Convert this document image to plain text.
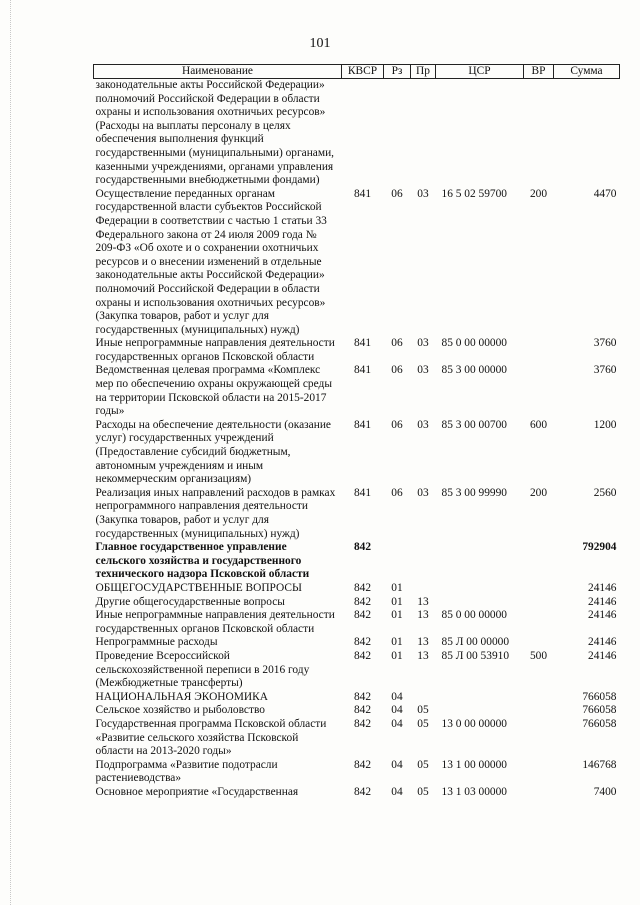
101
Наименование	КВСР	Рз	Пр	ЦСР	ВР	Сумма
законодательные акты Российской Федерации» полномочий Российской Федерации в области охраны и использования охотничьих ресурсов» (Расходы на выплаты персоналу в целях обеспечения выполнения функций государственными (муниципальными) органами, казенными учреждениями, органами управления государственными внебюджетными фондами)						
Осуществление переданных органам государственной власти субъектов Российской Федерации в соответствии с частью 1 статьи 33 Федерального закона от 24 июля 2009 года № 209-ФЗ «Об охоте и о сохранении охотничьих ресурсов и о внесении изменений в отдельные законодательные акты Российской Федерации» полномочий Российской Федерации в области охраны и использования охотничьих ресурсов» (Закупка товаров, работ и услуг для государственных (муниципальных) нужд)	841	06	03	16 5 02 59700	200	4470
Иные непрограммные направления деятельности государственных органов Псковской области	841	06	03	85 0 00 00000		3760
Ведомственная целевая программа «Комплекс мер по обеспечению охраны окружающей среды на территории Псковской области на 2015-2017 годы»	841	06	03	85 3 00 00000		3760
Расходы на обеспечение деятельности (оказание услуг) государственных учреждений (Предоставление субсидий бюджетным, автономным учреждениям и иным некоммерческим организациям)	841	06	03	85 3 00 00700	600	1200
Реализация иных направлений расходов в рамках непрограммного направления деятельности (Закупка товаров, работ и услуг для государственных (муниципальных) нужд)	841	06	03	85 3 00 99990	200	2560
Главное государственное управление сельского хозяйства и государственного технического надзора Псковской области	842					792904
ОБЩЕГОСУДАРСТВЕННЫЕ ВОПРОСЫ	842	01				24146
Другие общегосударственные вопросы	842	01	13			24146
Иные непрограммные направления деятельности государственных органов Псковской области	842	01	13	85 0 00 00000		24146
Непрограммные расходы	842	01	13	85 Л 00 00000		24146
Проведение Всероссийской сельскохозяйственной переписи в 2016 году (Межбюджетные трансферты)	842	01	13	85 Л 00 53910	500	24146
НАЦИОНАЛЬНАЯ ЭКОНОМИКА	842	04				766058
Сельское хозяйство и рыболовство	842	04	05			766058
Государственная программа Псковской области «Развитие сельского хозяйства Псковской области на 2013-2020 годы»	842	04	05	13 0 00 00000		766058
Подпрограмма «Развитие подотрасли растениеводства»	842	04	05	13 1 00 00000		146768
Основное мероприятие «Государственная	842	04	05	13 1 03 00000		7400
